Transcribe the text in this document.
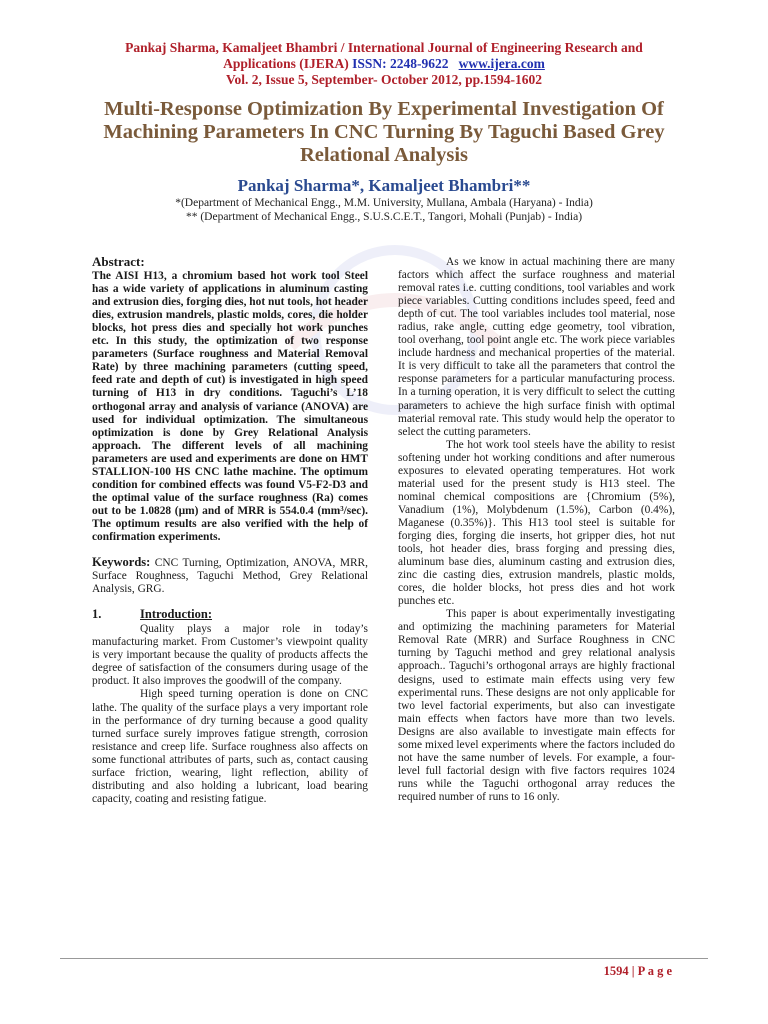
Pankaj Sharma, Kamaljeet Bhambri / International Journal of Engineering Research and
Applications (IJERA) ISSN: 2248-9622 www.ijera.com
Vol. 2, Issue 5, September- October 2012, pp.1594-1602
Multi-Response Optimization By Experimental Investigation Of Machining Parameters In CNC Turning By Taguchi Based Grey Relational Analysis
Pankaj Sharma*, Kamaljeet Bhambri**
*(Department of Mechanical Engg., M.M. University, Mullana, Ambala (Haryana) - India)
** (Department of Mechanical Engg., S.U.S.C.E.T., Tangori, Mohali (Punjab) - India)

Abstract:

The AISI H13, a chromium based hot work tool Steel has a wide variety of applications in aluminum casting and extrusion dies, forging dies, hot nut tools, hot header dies, extrusion mandrels, plastic molds, cores, die holder blocks, hot press dies and specially hot work punches etc. In this study, the optimization of two response parameters (Surface roughness and Material Removal Rate) by three machining parameters (cutting speed, feed rate and depth of cut) is investigated in high speed turning of H13 in dry conditions. Taguchi’s L’18 orthogonal array and analysis of variance (ANOVA) are used for individual optimization. The simultaneous optimization is done by Grey Relational Analysis approach. The different levels of all machining parameters are used and experiments are done on HMT STALLION-100 HS CNC lathe machine. The optimum condition for combined effects was found V5-F2-D3 and the optimal value of the surface roughness (Ra) comes out to be 1.0828 (µm) and of MRR is 554.0.4 (mm³/sec). The optimum results are also verified with the help of confirmation experiments.

Keywords: CNC Turning, Optimization, ANOVA, MRR, Surface Roughness, Taguchi Method, Grey Relational Analysis, GRG.

1.	Introduction:

Quality plays a major role in today’s manufacturing market. From Customer’s viewpoint quality is very important because the quality of products affects the degree of satisfaction of the consumers during usage of the product. It also improves the goodwill of the company.

High speed turning operation is done on CNC lathe. The quality of the surface plays a very important role in the performance of dry turning because a good quality turned surface surely improves fatigue strength, corrosion resistance and creep life. Surface roughness also affects on some functional attributes of parts, such as, contact causing surface friction, wearing, light reflection, ability of distributing and also holding a lubricant, load bearing capacity, coating and resisting fatigue.

As we know in actual machining there are many factors which affect the surface roughness and material removal rates i.e. cutting conditions, tool variables and work piece variables. Cutting conditions includes speed, feed and depth of cut. The tool variables includes tool material, nose radius, rake angle, cutting edge geometry, tool vibration, tool overhang, tool point angle etc. The work piece variables include hardness and mechanical properties of the material. It is very difficult to take all the parameters that control the response parameters for a particular manufacturing process. In a turning operation, it is very difficult to select the cutting parameters to achieve the high surface finish with optimal material removal rate. This study would help the operator to select the cutting parameters.

The hot work tool steels have the ability to resist softening under hot working conditions and after numerous exposures to elevated operating temperatures. Hot work material used for the present study is H13 steel. The nominal chemical compositions are {Chromium (5%), Vanadium (1%), Molybdenum (1.5%), Carbon (0.4%), Maganese (0.35%)}. This H13 tool steel is suitable for forging dies, forging die inserts, hot gripper dies, hot nut tools, hot header dies, brass forging and pressing dies, aluminum base dies, aluminum casting and extrusion dies, zinc die casting dies, extrusion mandrels, plastic molds, cores, die holder blocks, hot press dies and hot work punches etc.

This paper is about experimentally investigating and optimizing the machining parameters for Material Removal Rate (MRR) and Surface Roughness in CNC turning by Taguchi method and grey relational analysis approach.. Taguchi’s orthogonal arrays are highly fractional designs, used to estimate main effects using very few experimental runs. These designs are not only applicable for two level factorial experiments, but also can investigate main effects when factors have more than two levels. Designs are also available to investigate main effects for some mixed level experiments where the factors included do not have the same number of levels. For example, a four-level full factorial design with five factors requires 1024 runs while the Taguchi orthogonal array reduces the required number of runs to 16 only.

1594 | P a g e
